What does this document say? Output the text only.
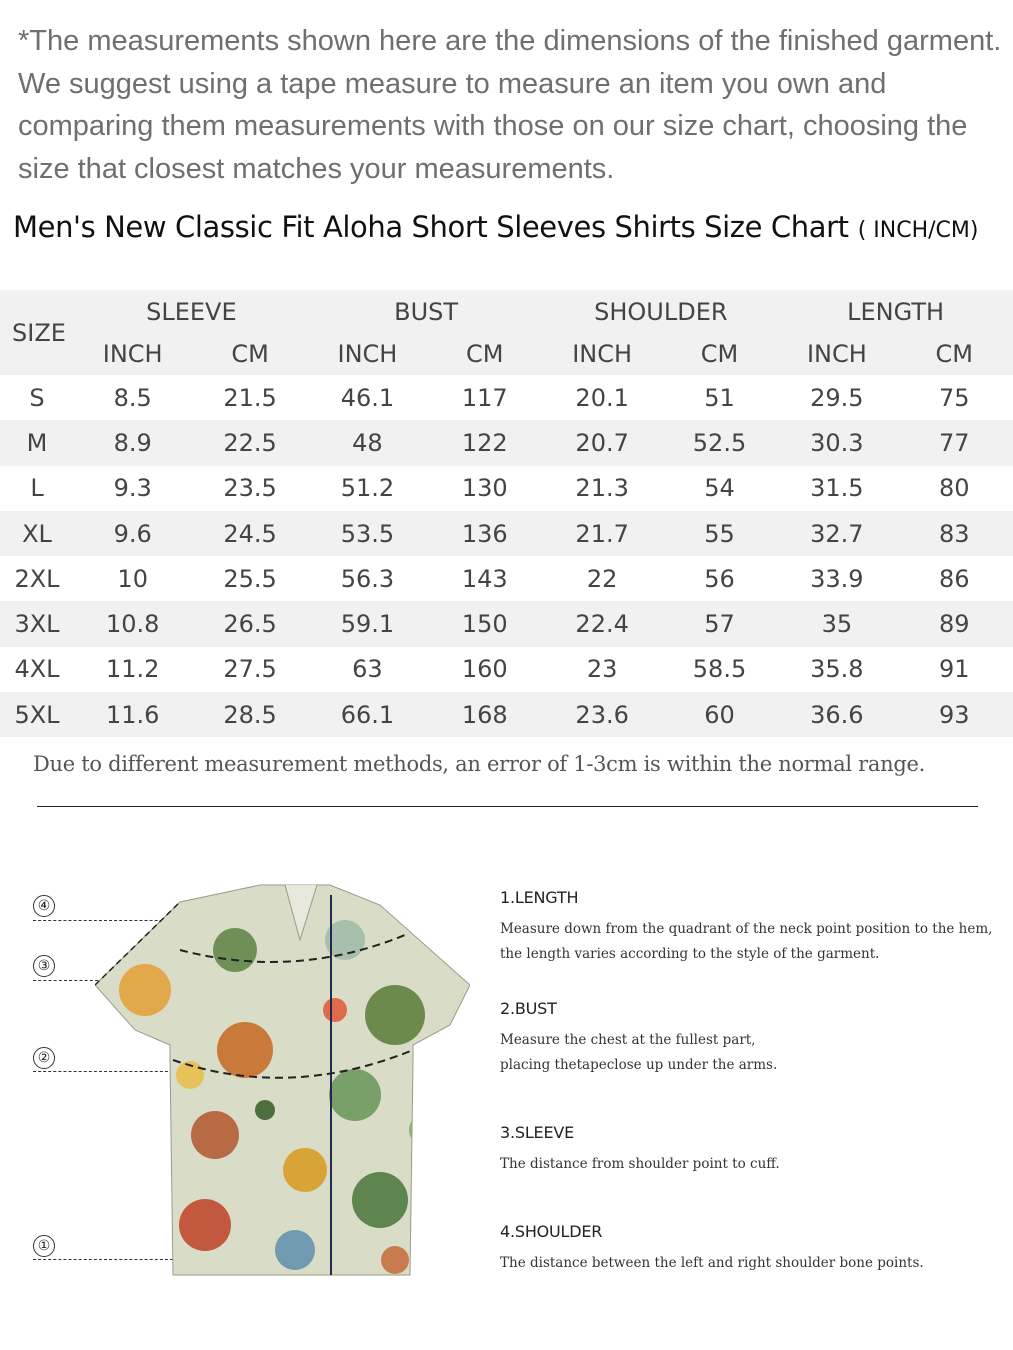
*The measurements shown here are the dimensions of the finished garment. We suggest using a tape measure to measure an item you own and comparing them measurements with those on our size chart, choosing the size that closest matches your measurements.

Men's New Classic Fit Aloha Short Sleeves Shirts Size Chart ( INCH/CM)
SIZE	SLEEVE		BUST		SHOULDER		LENGTH	
	INCH	CM	INCH	CM	INCH	CM	INCH	CM
S	8.5	21.5	46.1	117	20.1	51	29.5	75
M	8.9	22.5	48	122	20.7	52.5	30.3	77
L	9.3	23.5	51.2	130	21.3	54	31.5	80
XL	9.6	24.5	53.5	136	21.7	55	32.7	83
2XL	10	25.5	56.3	143	22	56	33.9	86
3XL	10.8	26.5	59.1	150	22.4	57	35	89
4XL	11.2	27.5	63	160	23	58.5	35.8	91
5XL	11.6	28.5	66.1	168	23.6	60	36.6	93

Due to different measurement methods, an error of 1-3cm is within the normal range.

④
③
②
①
1.LENGTH

Measure down from the quadrant of the neck point position to the hem,

the length varies according to the style of the garment.

2.BUST

Measure the chest at the fullest part,

placing thetapeclose up under the arms.

3.SLEEVE

The distance from shoulder point to cuff.

4.SHOULDER

The distance between the left and right shoulder bone points.
